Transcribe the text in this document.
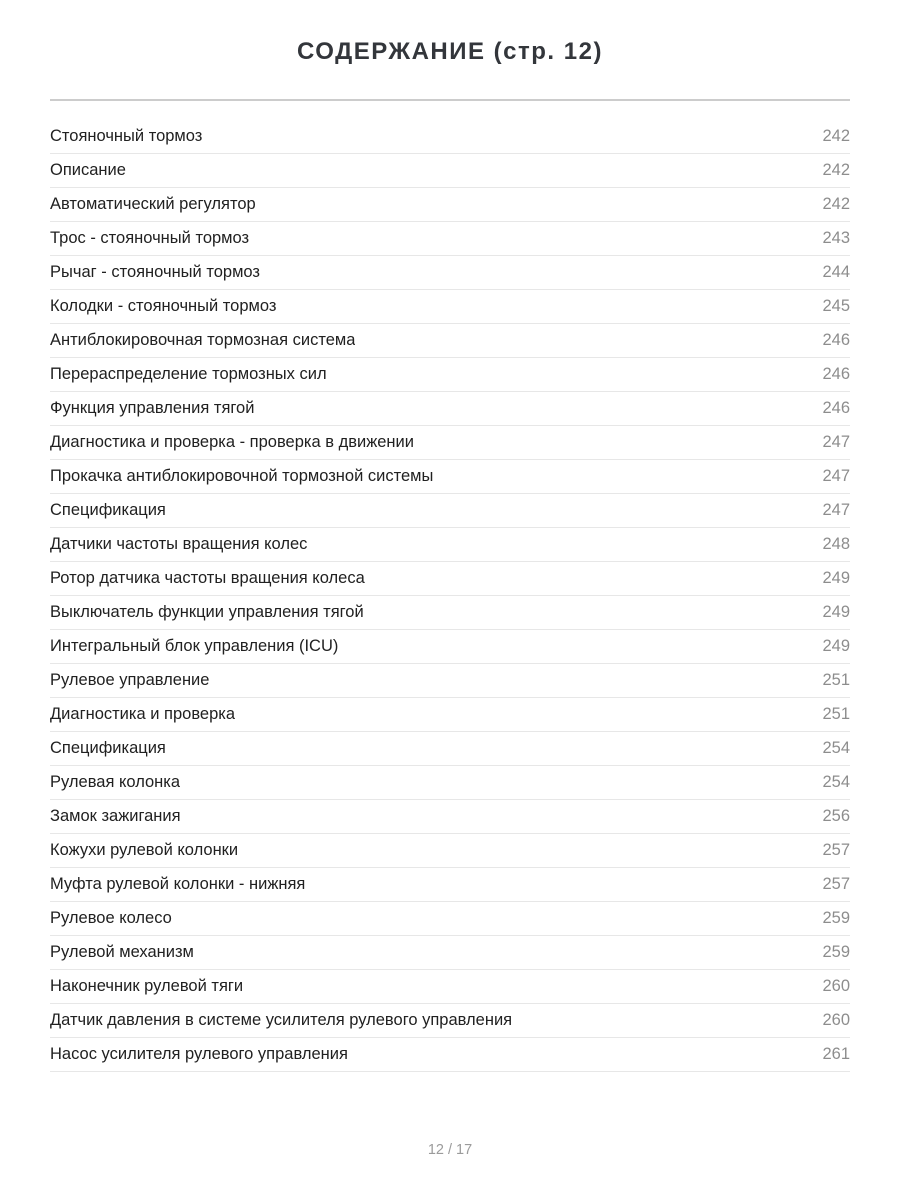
СОДЕРЖАНИЕ (стр. 12)
Стояночный тормоз	242
Описание	242
Автоматический регулятор	242
Трос - стояночный тормоз	243
Рычаг - стояночный тормоз	244
Колодки - стояночный тормоз	245
Антиблокировочная тормозная система	246
Перераспределение тормозных сил	246
Функция управления тягой	246
Диагностика и проверка - проверка в движении	247
Прокачка антиблокировочной тормозной системы	247
Спецификация	247
Датчики частоты вращения колес	248
Ротор датчика частоты вращения колеса	249
Выключатель функции управления тягой	249
Интегральный блок управления (ICU)	249
Рулевое управление	251
Диагностика и проверка	251
Спецификация	254
Рулевая колонка	254
Замок зажигания	256
Кожухи рулевой колонки	257
Муфта рулевой колонки - нижняя	257
Рулевое колесо	259
Рулевой механизм	259
Наконечник рулевой тяги	260
Датчик давления в системе усилителя рулевого управления	260
Насос усилителя рулевого управления	261
12 / 17
